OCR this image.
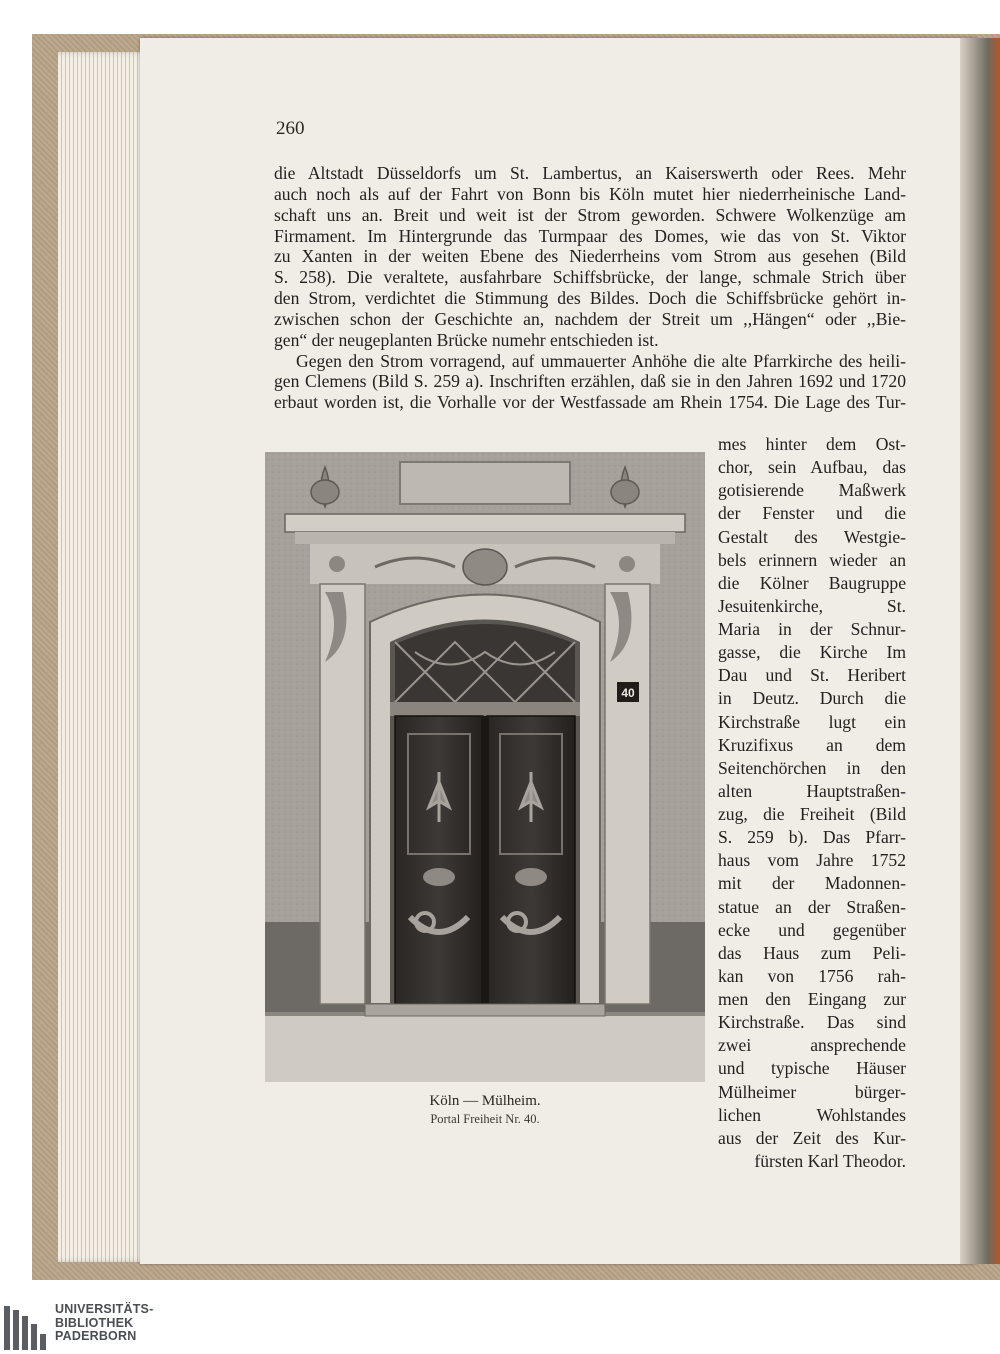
260
die Altstadt Düsseldorfs um St. Lambertus, an Kaiserswerth oder Rees. Mehr
auch noch als auf der Fahrt von Bonn bis Köln mutet hier niederrheinische Land-
schaft uns an. Breit und weit ist der Strom geworden. Schwere Wolkenzüge am
Firmament. Im Hintergrunde das Turmpaar des Domes, wie das von St. Viktor
zu Xanten in der weiten Ebene des Niederrheins vom Strom aus gesehen (Bild
S. 258). Die veraltete, ausfahrbare Schiffsbrücke, der lange, schmale Strich über
den Strom, verdichtet die Stimmung des Bildes. Doch die Schiffsbrücke gehört in-
zwischen schon der Geschichte an, nachdem der Streit um ,,Hängen“ oder ,,Bie-
gen“ der neugeplanten Brücke numehr entschieden ist.
Gegen den Strom vorragend, auf ummauerter Anhöhe die alte Pfarrkirche des heili-
gen Clemens (Bild S. 259 a). Inschriften erzählen, daß sie in den Jahren 1692 und 1720
erbaut worden ist, die Vorhalle vor der Westfassade am Rhein 1754. Die Lage des Tur-
mes hinter dem Ost-
chor, sein Aufbau, das
gotisierende Maßwerk
der Fenster und die
Gestalt des Westgie-
bels erinnern wieder an
die Kölner Baugruppe
Jesuitenkirche, St.
Maria in der Schnur-
gasse, die Kirche Im
Dau und St. Heribert
in Deutz. Durch die
Kirchstraße lugt ein
Kruzifixus an dem
Seitenchörchen in den
alten Hauptstraßen-
zug, die Freiheit (Bild
S. 259 b). Das Pfarr-
haus vom Jahre 1752
mit der Madonnen-
statue an der Straßen-
ecke und gegenüber
das Haus zum Peli-
kan von 1756 rah-
men den Eingang zur
Kirchstraße. Das sind
zwei ansprechende
und typische Häuser
Mülheimer bürger-
lichen Wohlstandes
aus der Zeit des Kur-
fürsten Karl Theodor.
40
Köln — Mülheim.
Portal Freiheit Nr. 40.
UNIVERSITÄTS-
BIBLIOTHEK
PADERBORN
